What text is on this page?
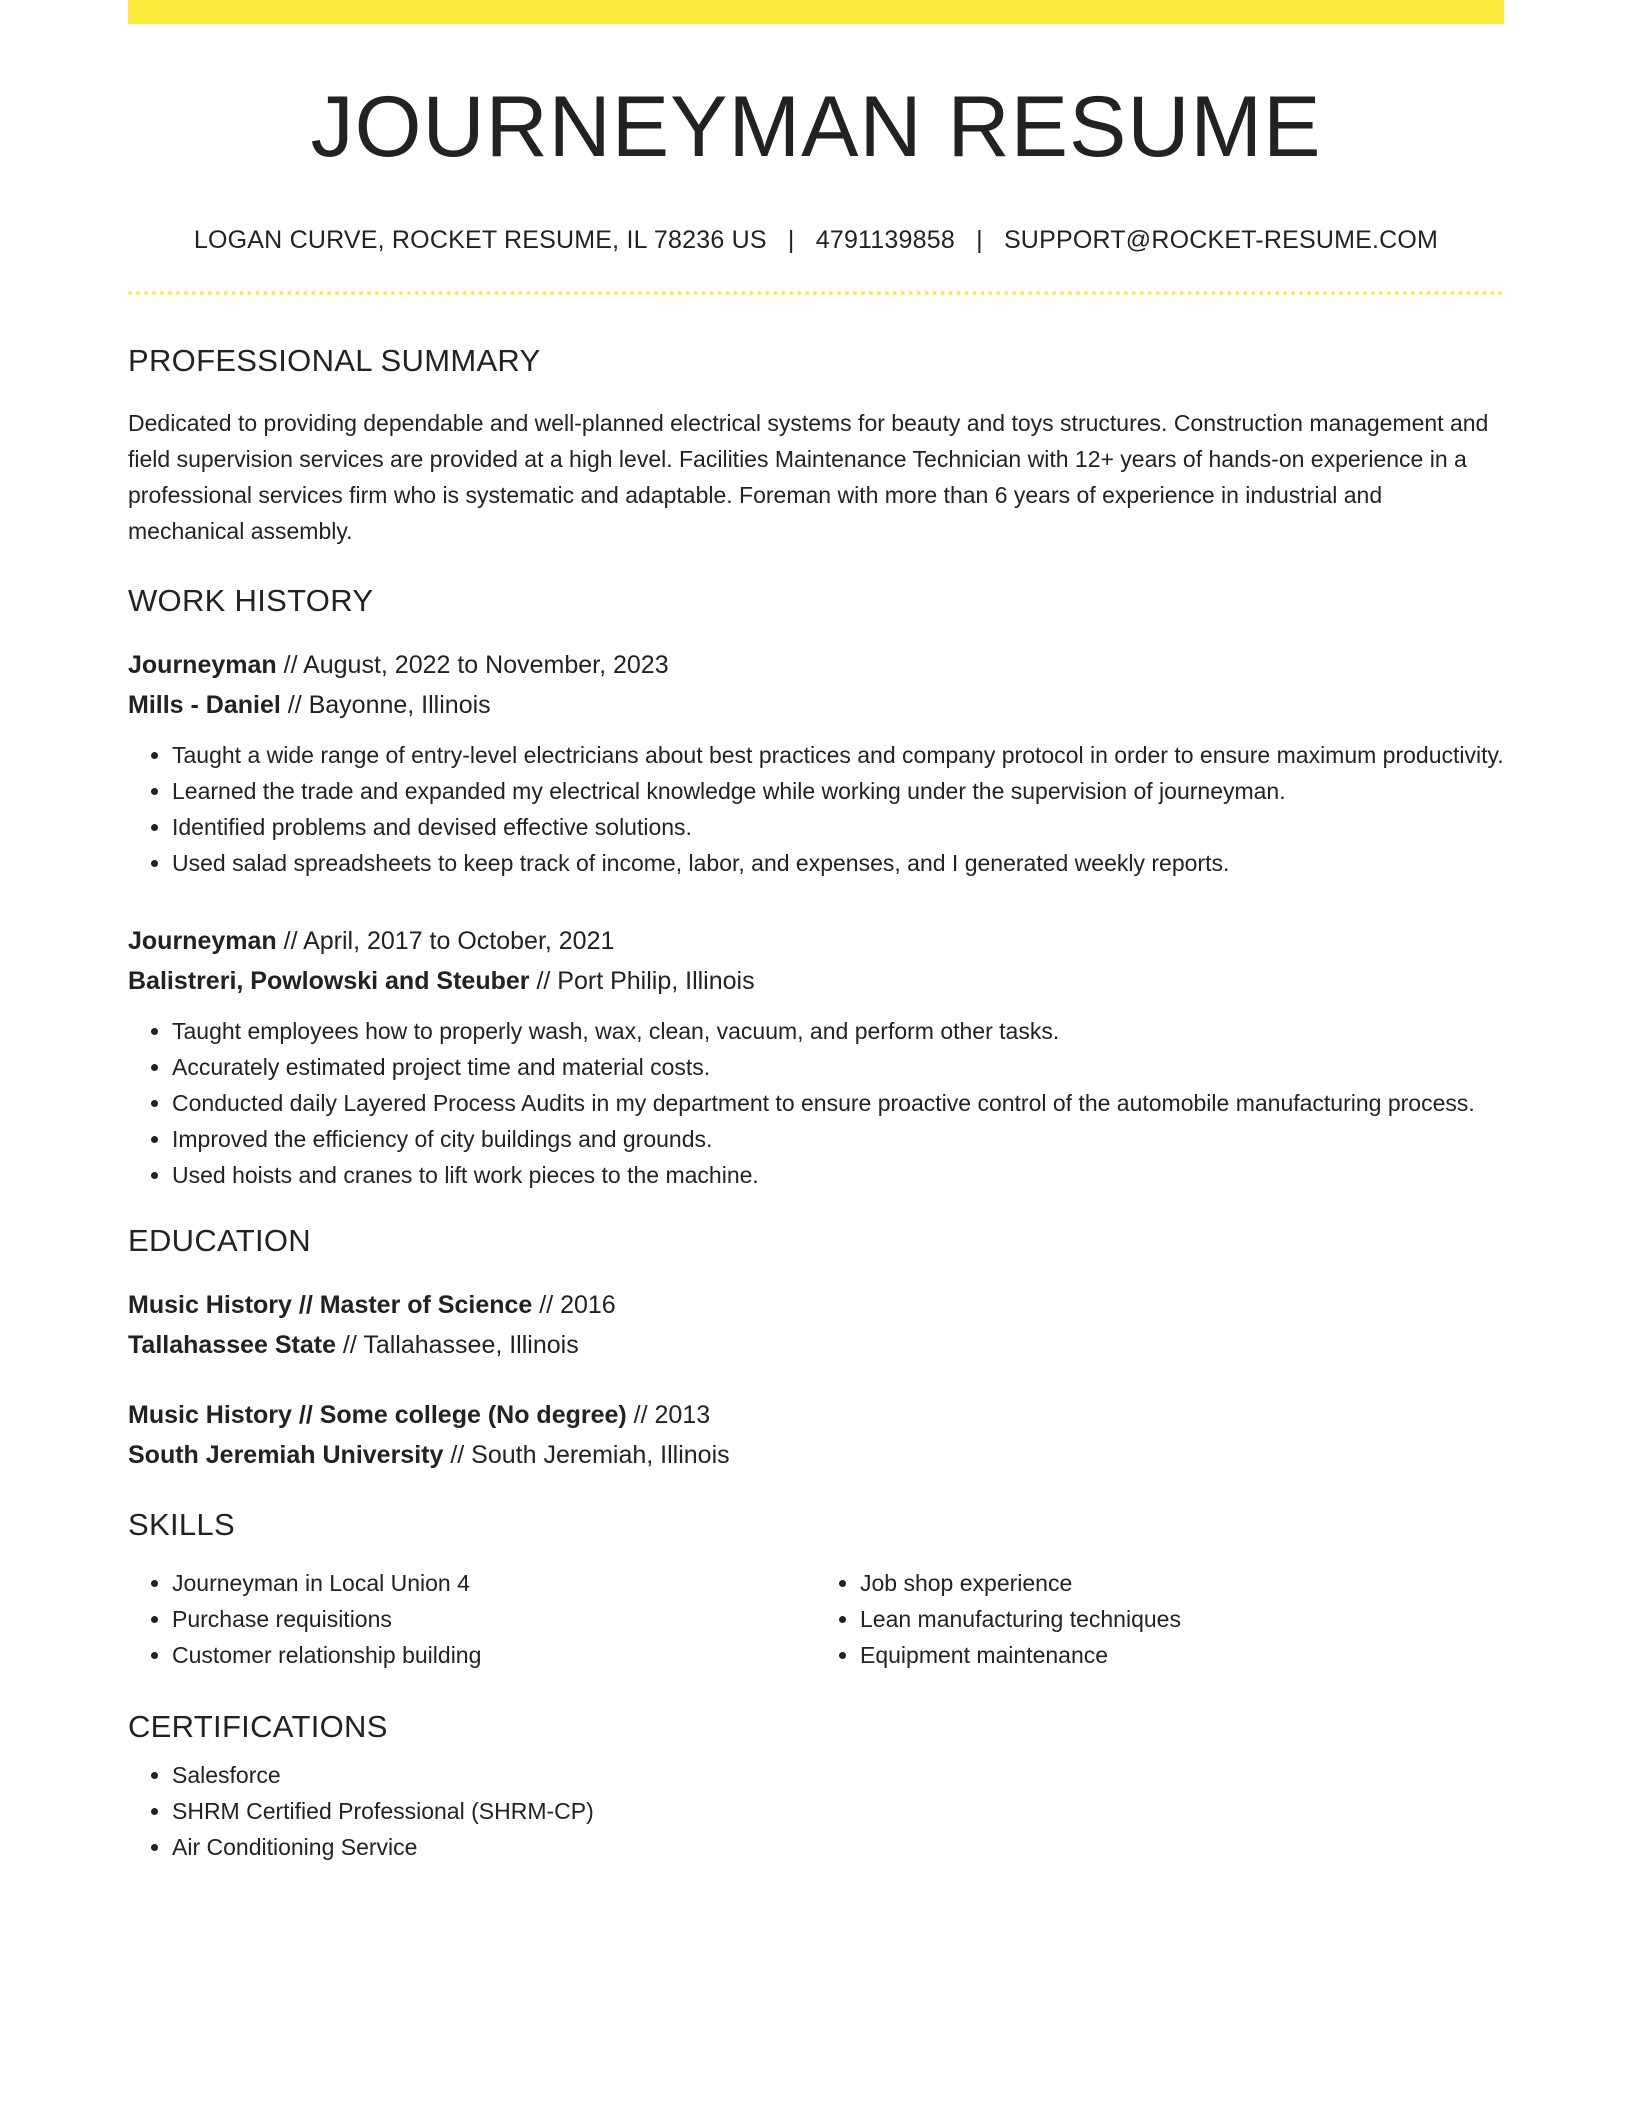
JOURNEYMAN RESUME
LOGAN CURVE, ROCKET RESUME, IL 78236 US | 4791139858 | SUPPORT@ROCKET-RESUME.COM
PROFESSIONAL SUMMARY
Dedicated to providing dependable and well-planned electrical systems for beauty and toys structures. Construction management and field supervision services are provided at a high level. Facilities Maintenance Technician with 12+ years of hands-on experience in a professional services firm who is systematic and adaptable. Foreman with more than 6 years of experience in industrial and mechanical assembly.
WORK HISTORY
Journeyman // August, 2022 to November, 2023
Mills - Daniel // Bayonne, Illinois
• Taught a wide range of entry-level electricians about best practices and company protocol in order to ensure maximum productivity.
• Learned the trade and expanded my electrical knowledge while working under the supervision of journeyman.
• Identified problems and devised effective solutions.
• Used salad spreadsheets to keep track of income, labor, and expenses, and I generated weekly reports.
Journeyman // April, 2017 to October, 2021
Balistreri, Powlowski and Steuber // Port Philip, Illinois
• Taught employees how to properly wash, wax, clean, vacuum, and perform other tasks.
• Accurately estimated project time and material costs.
• Conducted daily Layered Process Audits in my department to ensure proactive control of the automobile manufacturing process.
• Improved the efficiency of city buildings and grounds.
• Used hoists and cranes to lift work pieces to the machine.
EDUCATION
Music History // Master of Science // 2016
Tallahassee State // Tallahassee, Illinois
Music History // Some college (No degree) // 2013
South Jeremiah University // South Jeremiah, Illinois
SKILLS
• Journeyman in Local Union 4
• Purchase requisitions
• Customer relationship building
• Job shop experience
• Lean manufacturing techniques
• Equipment maintenance
CERTIFICATIONS
• Salesforce
• SHRM Certified Professional (SHRM-CP)
• Air Conditioning Service
